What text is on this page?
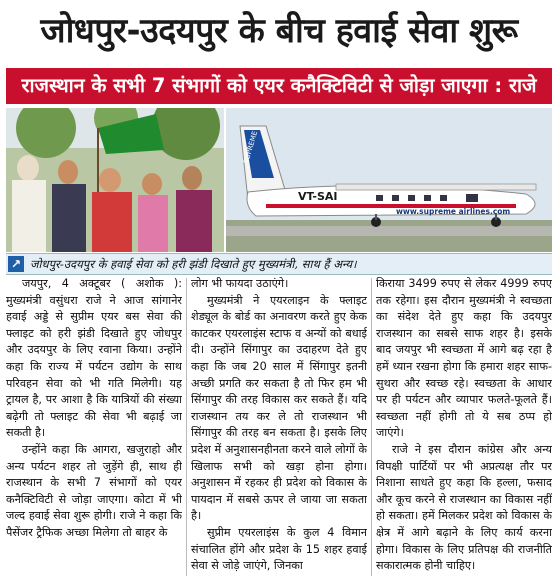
जोधपुर-उदयपुर के बीच हवाई सेवा शुरू
राजस्थान के सभी 7 संभागों को एयर कनैक्टिविटी से जोड़ा जाएगा : राजे
SUPREME
VT-SAI
www.supreme airlines.com
↗ जोधपुर-उदयपुर के हवाई सेवा को हरी झंडी दिखाते हुए मुख्यमंत्री, साथ हैं अन्य।

जयपुर, 4 अक्टूबर ( अशोक ): मुख्यमंत्री वसुंधरा राजे ने आज सांगानेर हवाई अड्डे से सुप्रीम एयर बस सेवा की फ्लाइट को हरी झंडी दिखाते हुए जोधपुर और उदयपुर के लिए रवाना किया। उन्होंने कहा कि राज्य में पर्यटन उद्योग के साथ परिवहन सेवा को भी गति मिलेगी। यह ट्रायल है, पर आशा है कि यात्रियों की संख्या बढ़ेगी तो फ्लाइट की सेवा भी बढ़ाई जा सकती है।

उन्होंने कहा कि आगरा, खजुराहो और अन्य पर्यटन शहर तो जुड़ेंगे ही, साथ ही राजस्थान के सभी 7 संभागों को एयर कनैक्टिविटी से जोड़ा जाएगा। कोटा में भी जल्द हवाई सेवा शुरू होगी। राजे ने कहा कि पैसेंजर ट्रैफिक अच्छा मिलेगा तो बाहर के

लोग भी फायदा उठाएंगे।

मुख्यमंत्री ने एयरलाइन के फ्लाइट शेड्यूल के बोर्ड का अनावरण करते हुए केक काटकर एयरलाइंस स्टाफ व अन्यों को बधाई दी। उन्होंने सिंगापुर का उदाहरण देते हुए कहा कि जब 20 साल में सिंगापुर इतनी अच्छी प्रगति कर सकता है तो फिर हम भी सिंगापुर की तरह विकास कर सकते हैं। यदि राजस्थान तय कर ले तो राजस्थान भी सिंगापुर की तरह बन सकता है। इसके लिए प्रदेश में अनुशासनहीनता करने वाले लोगों के खिलाफ सभी को खड़ा होना होगा। अनुशासन में रहकर ही प्रदेश को विकास के पायदान में सबसे ऊपर ले जाया जा सकता है।

सुप्रीम एयरलाइंस के कुल 4 विमान संचालित होंगे और प्रदेश के 15 शहर हवाई सेवा से जोड़े जाएंगे, जिनका

किराया 3499 रुपए से लेकर 4999 रुपए तक रहेगा। इस दौरान मुख्यमंत्री ने स्वच्छता का संदेश देते हुए कहा कि उदयपुर राजस्थान का सबसे साफ शहर है। इसके बाद जयपुर भी स्वच्छता में आगे बढ़ रहा है हमें ध्यान रखना होगा कि हमारा शहर साफ-सुथरा और स्वच्छ रहे। स्वच्छता के आधार पर ही पर्यटन और व्यापार फलते-फूलते हैं। स्वच्छता नहीं होगी तो ये सब ठप्प हो जाएंगे।

राजे ने इस दौरान कांग्रेस और अन्य विपक्षी पार्टियों पर भी अप्रत्यक्ष तौर पर निशाना साधते हुए कहा कि हल्ला, फसाद और कूच करने से राजस्थान का विकास नहीं हो सकता। हमें मिलकर प्रदेश को विकास के क्षेत्र में आगे बढ़ाने के लिए कार्य करना होगा। विकास के लिए प्रतिपक्ष की राजनीति सकारात्मक होनी चाहिए।
